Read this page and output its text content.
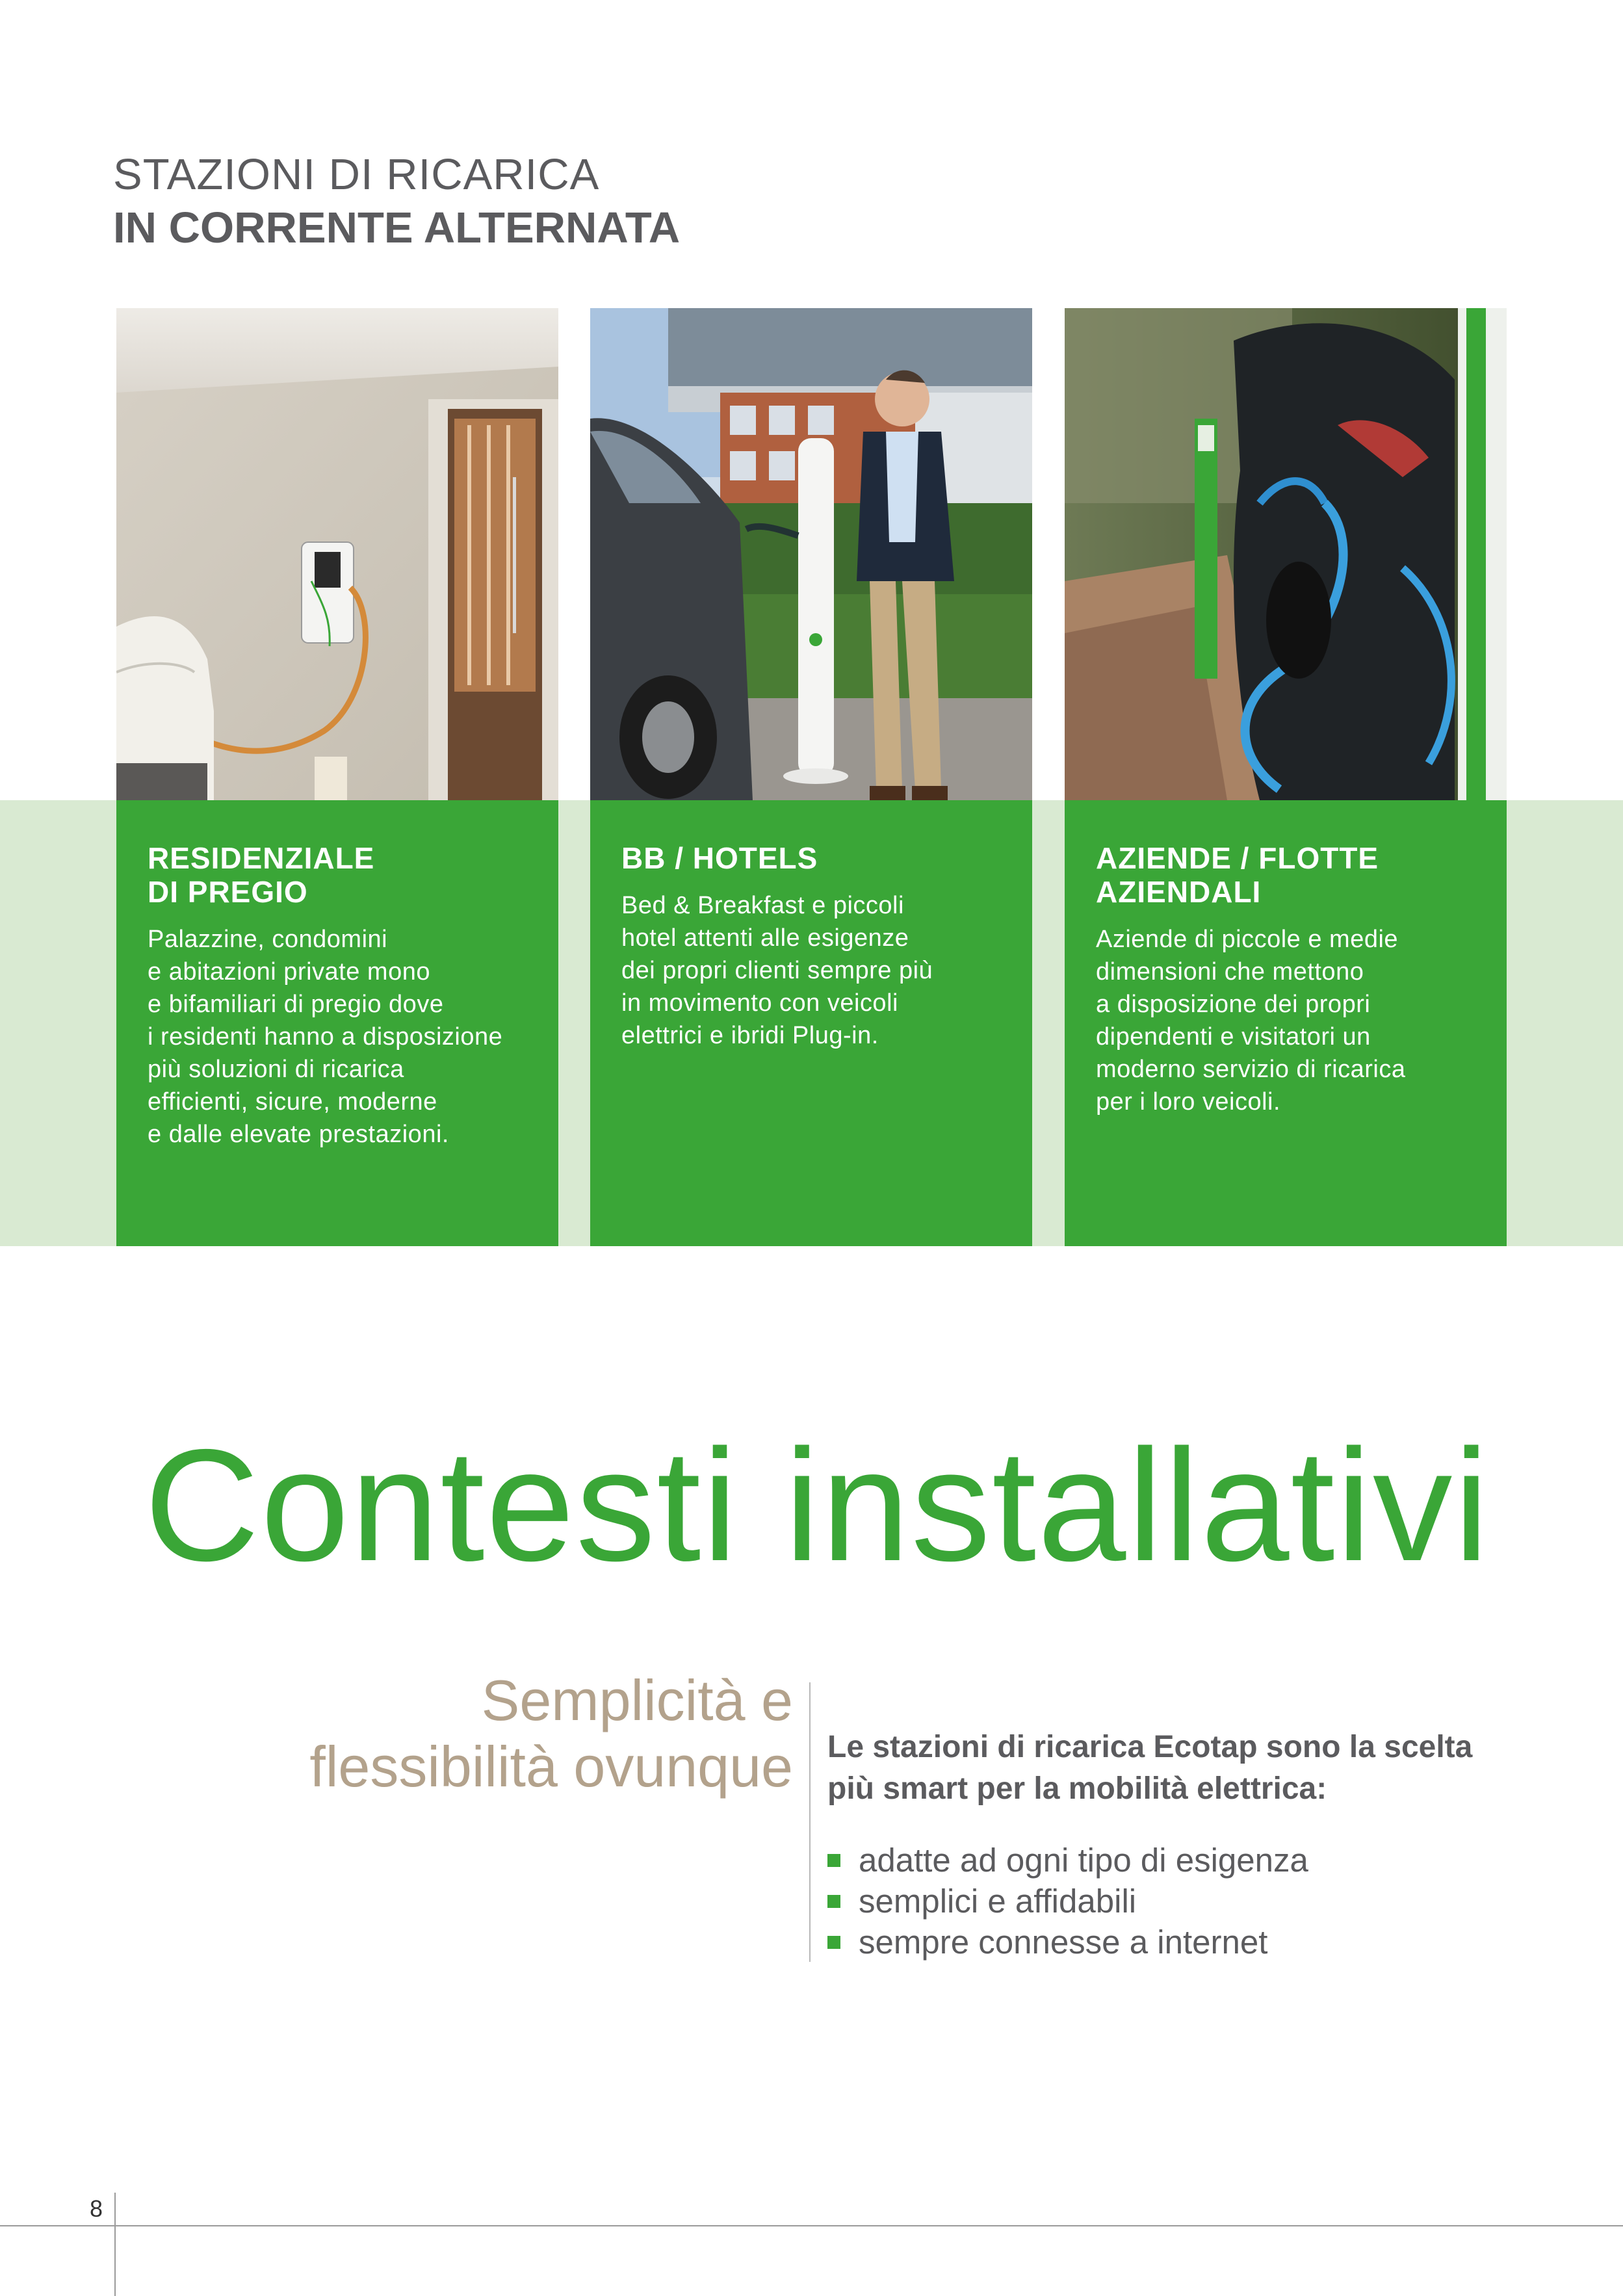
STAZIONI DI RICARICA
IN CORRENTE ALTERNATA
RESIDENZIALE
DI PREGIO
Palazzine, condomini
e abitazioni private mono
e bifamiliari di pregio dove
i residenti hanno a disposizione
più soluzioni di ricarica
efficienti, sicure, moderne
e dalle elevate prestazioni.
BB / HOTELS
Bed & Breakfast e piccoli
hotel attenti alle esigenze
dei propri clienti sempre più
in movimento con veicoli
elettrici e ibridi Plug-in.
AZIENDE / FLOTTE
AZIENDALI
Aziende di piccole e medie
dimensioni che mettono
a disposizione dei propri
dipendenti e visitatori un
moderno servizio di ricarica
per i loro veicoli.
Contesti installativi
Semplicità e
flessibilità ovunque Le stazioni di ricarica Ecotap sono la scelta
più smart per la mobilità elettrica:
adatte ad ogni tipo di esigenza
semplici e affidabili
sempre connesse a internet
8
